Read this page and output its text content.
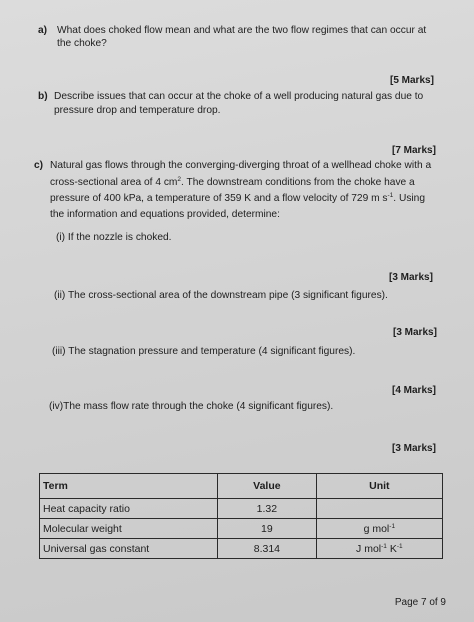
a) What does choked flow mean and what are the two flow regimes that can occur at
the choke?
[5 Marks]
b) Describe issues that can occur at the choke of a well producing natural gas due to
pressure drop and temperature drop.
[7 Marks]
c) Natural gas flows through the converging-diverging throat of a wellhead choke with a
cross-sectional area of 4 $cm^2$. The downstream conditions from the choke have a
pressure of 400 kPa, a temperature of 359 K and a flow velocity of 729 m $s^{-1}$. Using
the information and equations provided, determine:
(i) If the nozzle is choked.
[3 Marks]
(ii) The cross-sectional area of the downstream pipe (3 significant figures).
[3 Marks]
(iii) The stagnation pressure and temperature (4 significant figures).
[4 Marks]
(iv)The mass flow rate through the choke (4 significant figures).
[3 Marks]
Term	Value	Unit
Heat capacity ratio	1.32	
Molecular weight	19	g mol$^{-1}$
Universal gas constant	8.314	J mol$^{-1}$ $K^{-1}$
Page 7 of 9
